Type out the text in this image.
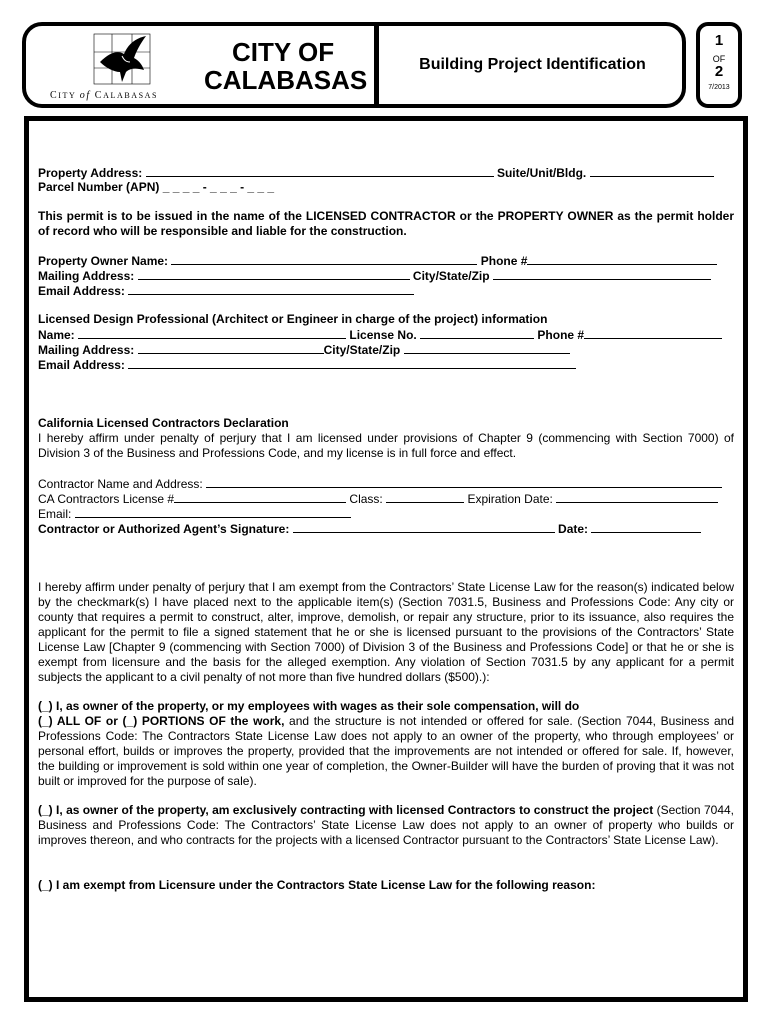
CITY of CALABASAS
CITY OF
CALABASAS
Building Project Identification
1
OF
2
7/2013
Property Address:	Suite/Unit/Bldg.
Parcel Number (APN) _ _ _ _ - _ _ _ - _ _ _
This permit is to be issued in the name of the LICENSED CONTRACTOR or the PROPERTY OWNER as the permit holder of record who will be responsible and liable for the construction.
Property Owner Name:	Phone #
Mailing Address:	City/State/Zip
Email Address:
Licensed Design Professional (Architect or Engineer in charge of the project) information
Name:	License No.	Phone #
Mailing Address:	City/State/Zip
Email Address:
California Licensed Contractors Declaration
I hereby affirm under penalty of perjury that I am licensed under provisions of Chapter 9 (commencing with Section 7000) of Division 3 of the Business and Professions Code, and my license is in full force and effect.
Contractor Name and Address:
CA Contractors License #	Class:	Expiration Date:
Email:
Contractor or Authorized Agent’s Signature:	Date:
I hereby affirm under penalty of perjury that I am exempt from the Contractors’ State License Law for the reason(s) indicated below by the checkmark(s) I have placed next to the applicable item(s) (Section 7031.5, Business and Professions Code: Any city or county that requires a permit to construct, alter, improve, demolish, or repair any structure, prior to its issuance, also requires the applicant for the permit to file a signed statement that he or she is licensed pursuant to the provisions of the Contractors’ State License Law [Chapter 9 (commencing with Section 7000) of Division 3 of the Business and Professions Code] or that he or she is exempt from licensure and the basis for the alleged exemption. Any violation of Section 7031.5 by any applicant for a permit subjects the applicant to a civil penalty of not more than five hundred dollars ($500).):
(_) I, as owner of the property, or my employees with wages as their sole compensation, will do
(_) ALL OF or (_) PORTIONS OF the work, and the structure is not intended or offered for sale. (Section 7044, Business and Professions Code: The Contractors State License Law does not apply to an owner of the property, who through employees’ or personal effort, builds or improves the property, provided that the improvements are not intended or offered for sale. If, however, the building or improvement is sold within one year of completion, the Owner-Builder will have the burden of proving that it was not built or improved for the purpose of sale).
(_) I, as owner of the property, am exclusively contracting with licensed Contractors to construct the project (Section 7044, Business and Professions Code: The Contractors’ State License Law does not apply to an owner of property who builds or improves thereon, and who contracts for the projects with a licensed Contractor pursuant to the Contractors’ State License Law).
(_) I am exempt from Licensure under the Contractors State License Law for the following reason:
